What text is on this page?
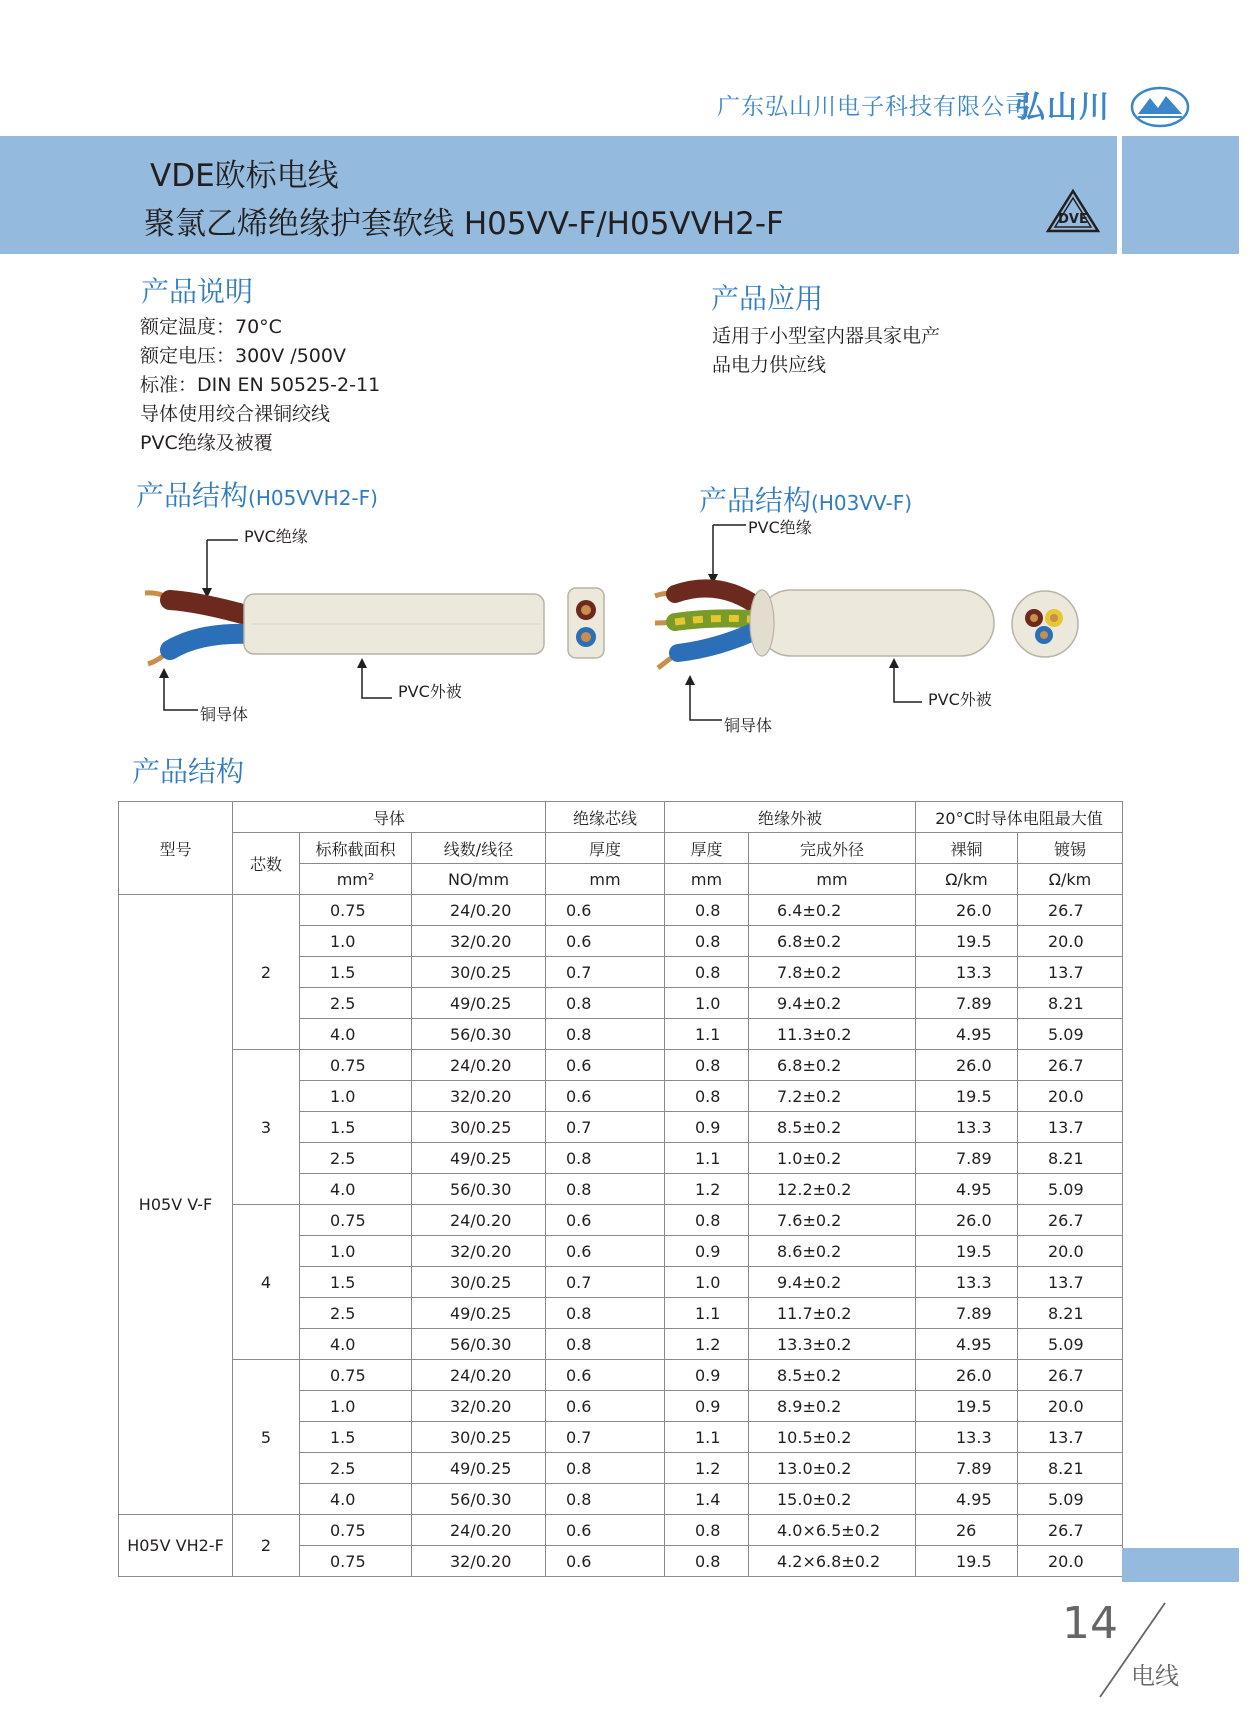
广东弘山川电子科技有限公司
弘山川
VDE欧标电线
聚氯乙烯绝缘护套软线 H05VV-F/H05VVH2-F	DVE
产品说明
额定温度：70°C
额定电压：300V /500V
标准：DIN EN 50525-2-11
导体使用绞合裸铜绞线
PVC绝缘及被覆
产品应用
适用于小型室内器具家电产
品电力供应线
产品结构(H05VVH2-F)	产品结构(H03VV-F)
PVC绝缘
铜导体
PVC外被
PVC绝缘
铜导体
PVC外被
产品结构
型号	导体			绝缘芯线	绝缘外被		20°C时导体电阻最大值	
	芯数	标称截面积	线数/线径	厚度	厚度	完成外径	裸铜	镀锡
		mm²	NO/mm	mm	mm	mm	Ω/km	Ω/km
H05V V-F	2	0.75	24/0.20	0.6	0.8	6.4±0.2	26.0	26.7
		1.0	32/0.20	0.6	0.8	6.8±0.2	19.5	20.0
		1.5	30/0.25	0.7	0.8	7.8±0.2	13.3	13.7
		2.5	49/0.25	0.8	1.0	9.4±0.2	7.89	8.21
		4.0	56/0.30	0.8	1.1	11.3±0.2	4.95	5.09
	3	0.75	24/0.20	0.6	0.8	6.8±0.2	26.0	26.7
		1.0	32/0.20	0.6	0.8	7.2±0.2	19.5	20.0
		1.5	30/0.25	0.7	0.9	8.5±0.2	13.3	13.7
		2.5	49/0.25	0.8	1.1	1.0±0.2	7.89	8.21
		4.0	56/0.30	0.8	1.2	12.2±0.2	4.95	5.09
	4	0.75	24/0.20	0.6	0.8	7.6±0.2	26.0	26.7
		1.0	32/0.20	0.6	0.9	8.6±0.2	19.5	20.0
		1.5	30/0.25	0.7	1.0	9.4±0.2	13.3	13.7
		2.5	49/0.25	0.8	1.1	11.7±0.2	7.89	8.21
		4.0	56/0.30	0.8	1.2	13.3±0.2	4.95	5.09
	5	0.75	24/0.20	0.6	0.9	8.5±0.2	26.0	26.7
		1.0	32/0.20	0.6	0.9	8.9±0.2	19.5	20.0
		1.5	30/0.25	0.7	1.1	10.5±0.2	13.3	13.7
		2.5	49/0.25	0.8	1.2	13.0±0.2	7.89	8.21
		4.0	56/0.30	0.8	1.4	15.0±0.2	4.95	5.09
H05V VH2-F	2	0.75	24/0.20	0.6	0.8	4.0×6.5±0.2	26	26.7
		0.75	32/0.20	0.6	0.8	4.2×6.8±0.2	19.5	20.0
14
电线
